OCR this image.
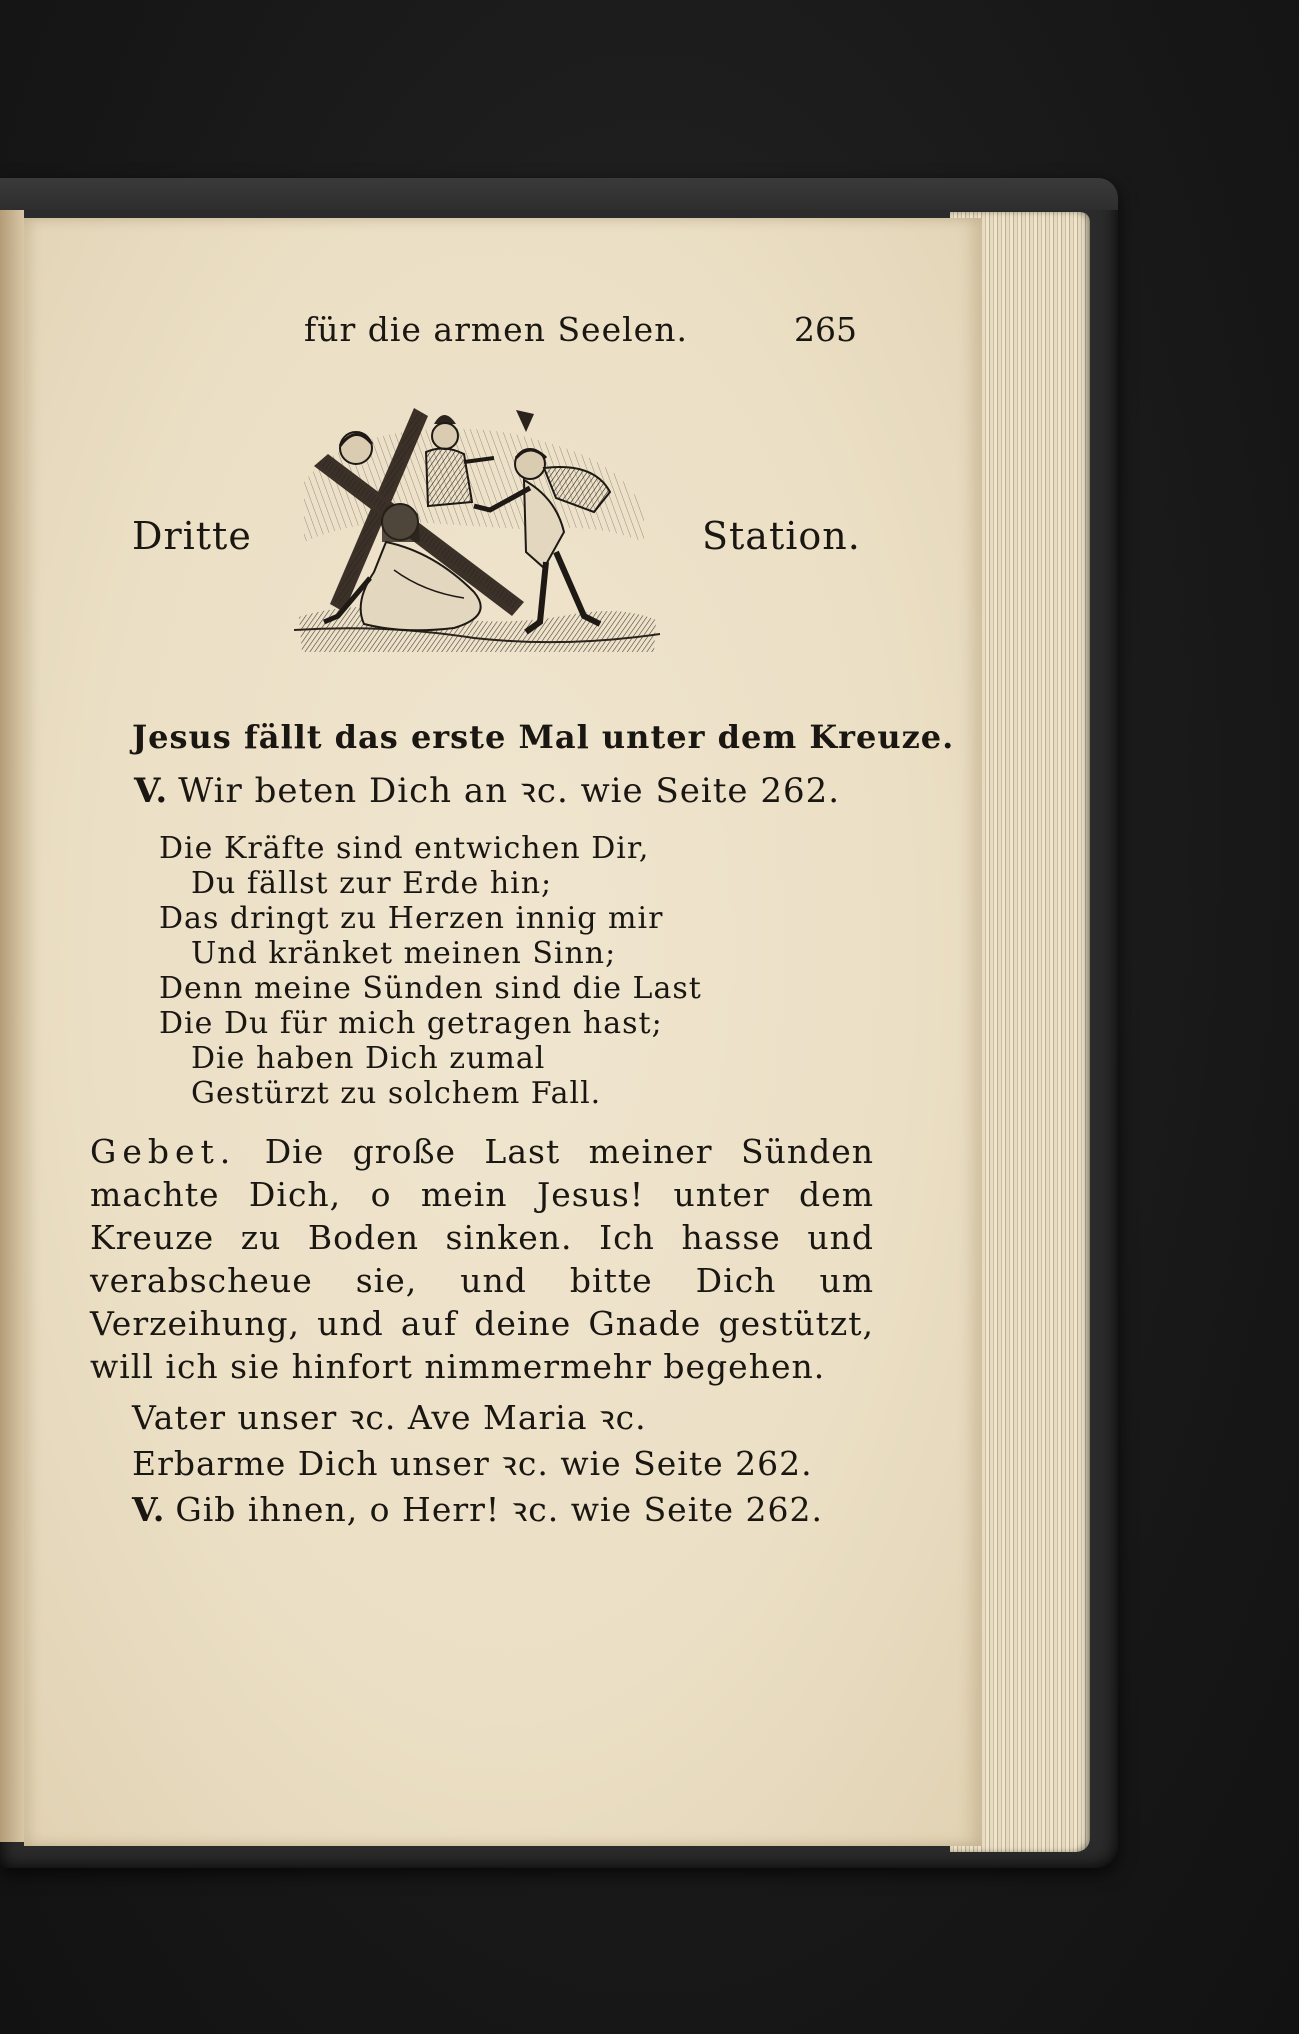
für die armen Seelen.	265
Dritte	Station.
Jesus fällt das erste Mal unter dem Kreuze.
V. Wir beten Dich an ꝛc. wie Seite 262.
Die Kräfte sind entwichen Dir,
Du fällst zur Erde hin;
Das dringt zu Herzen innig mir
Und kränket meinen Sinn;
Denn meine Sünden sind die Last
Die Du für mich getragen hast;
Die haben Dich zumal
Gestürzt zu solchem Fall.
Gebet. Die große Last meiner Sünden machte Dich, o mein Jesus! unter dem Kreuze zu Boden sinken. Ich hasse und verabscheue sie, und bitte Dich um Verzeihung, und auf deine Gnade gestützt, will ich sie hinfort nimmermehr begehen.
Vater unser ꝛc. Ave Maria ꝛc.
Erbarme Dich unser ꝛc. wie Seite 262.
V. Gib ihnen, o Herr! ꝛc. wie Seite 262.
